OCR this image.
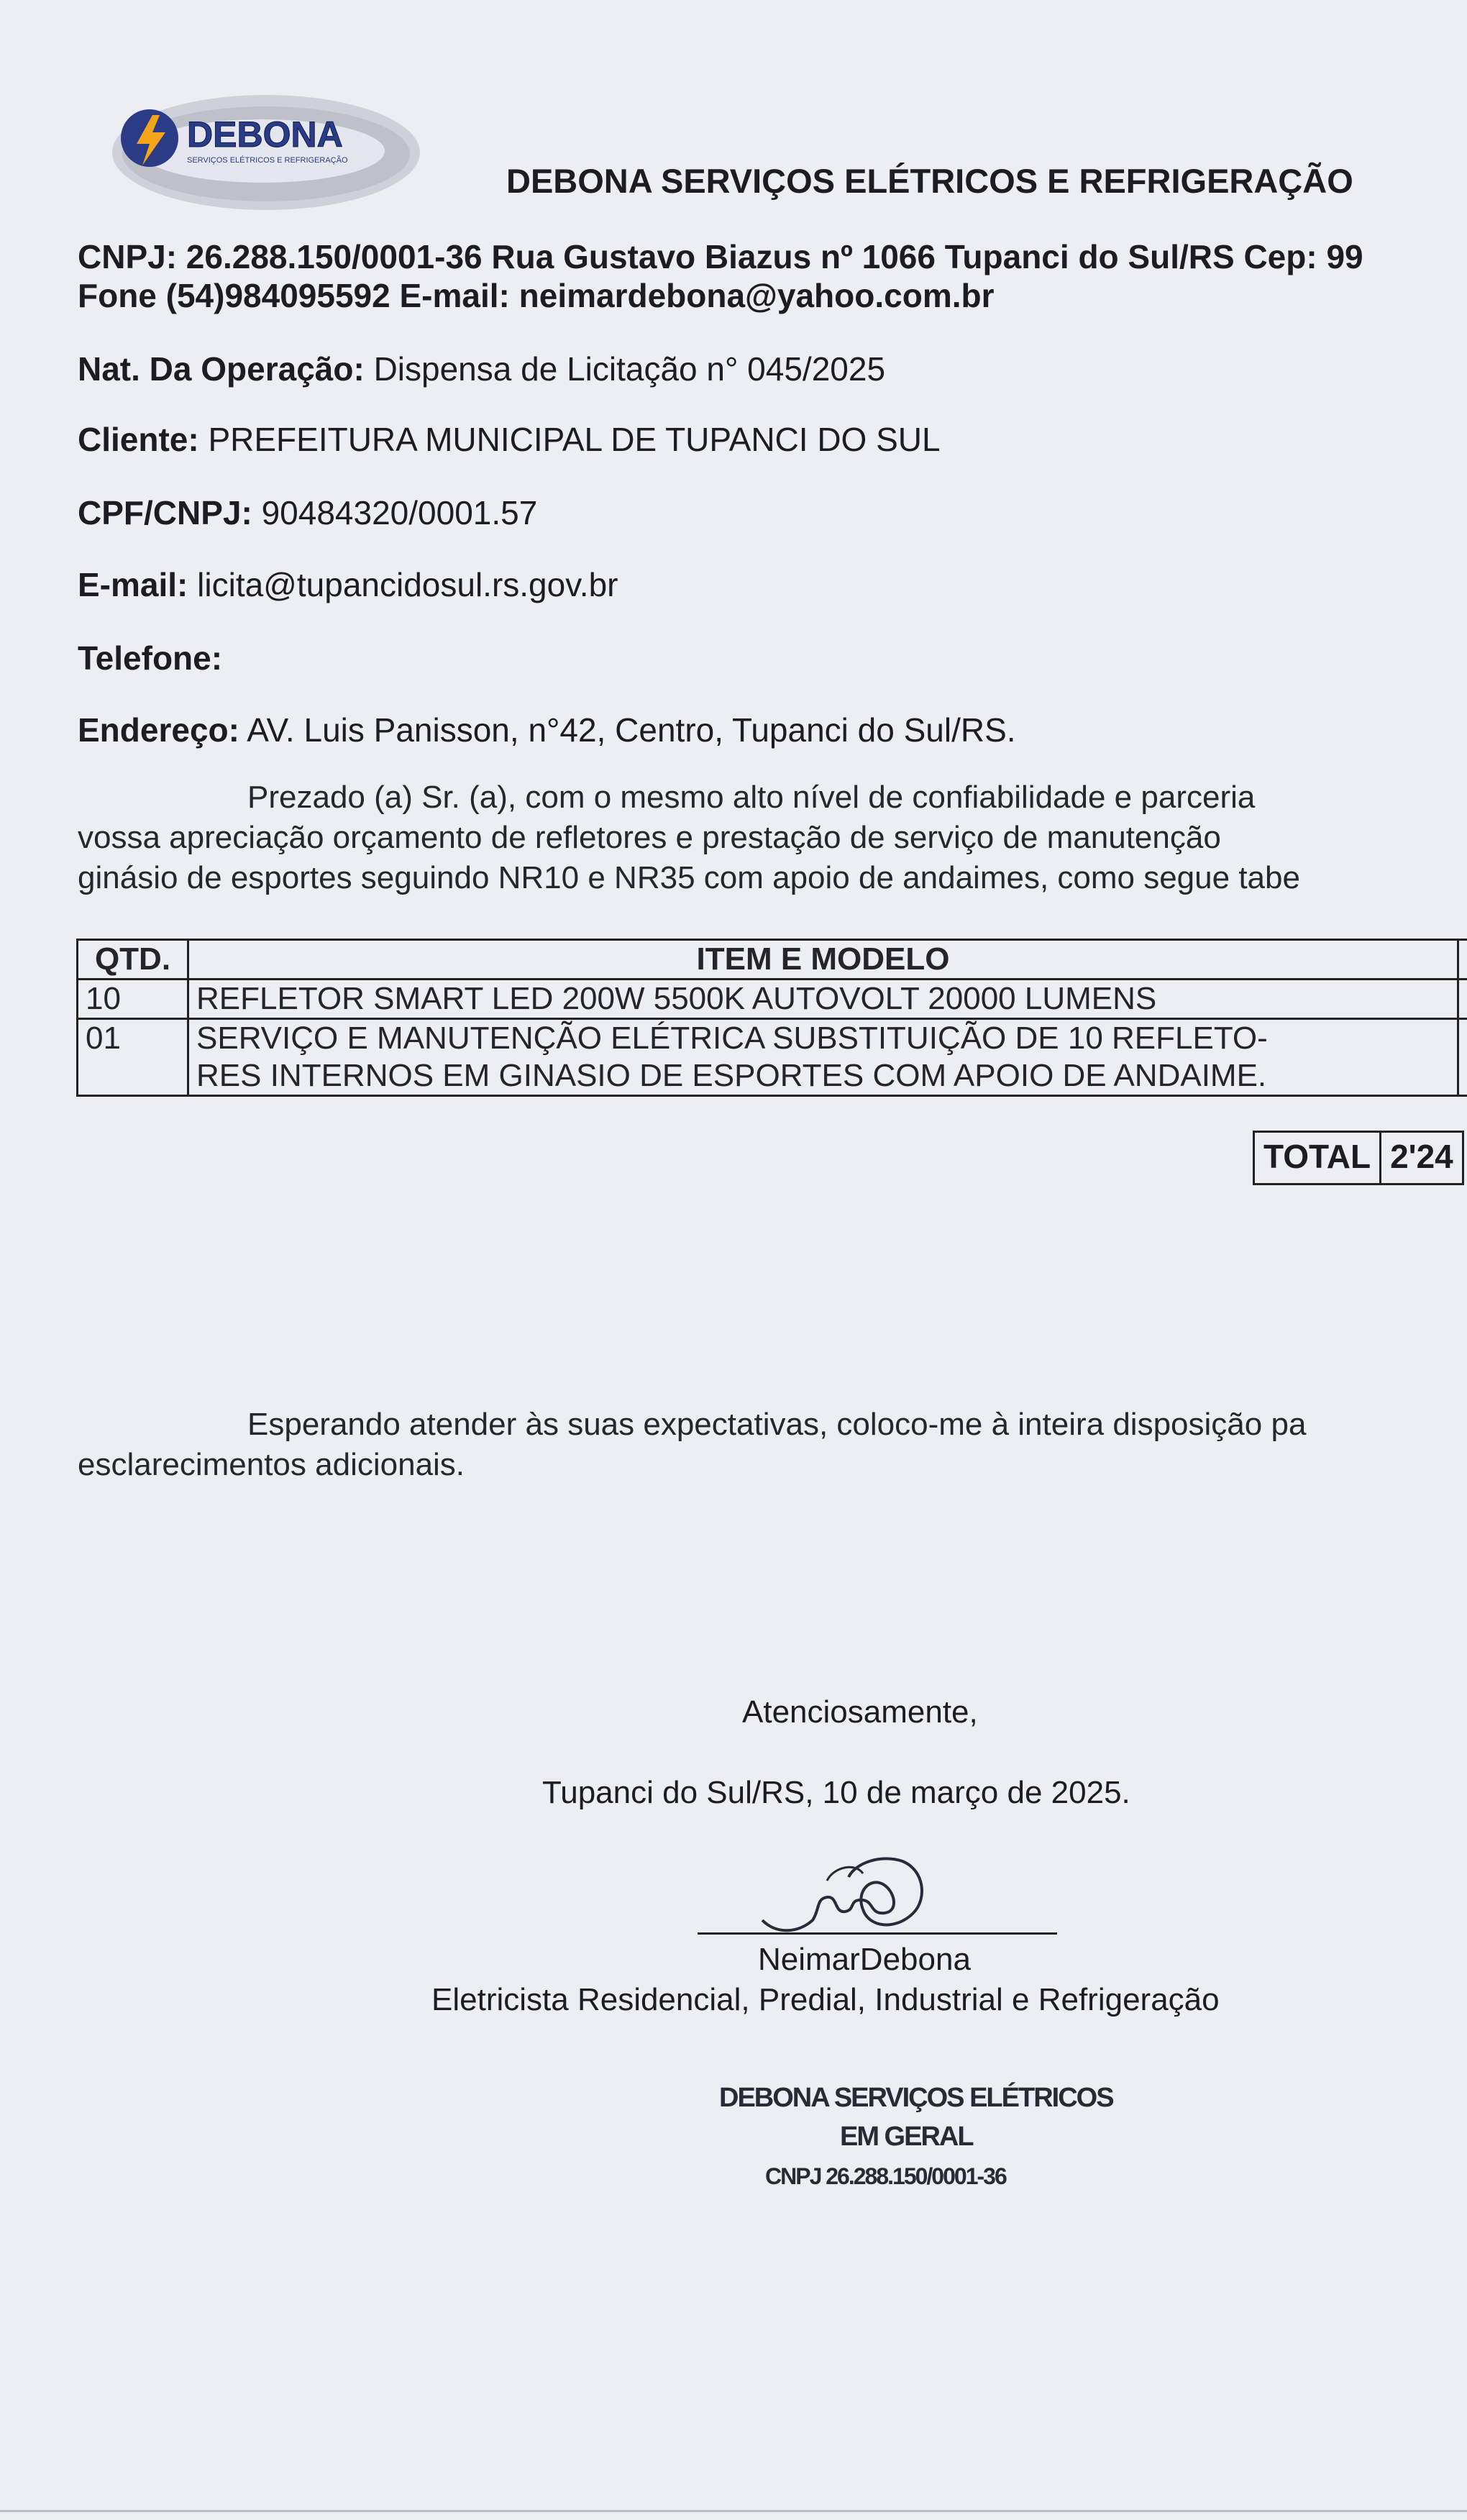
DEBONA
SERVIÇOS ELÉTRICOS E REFRIGERAÇÃO
DEBONA SERVIÇOS ELÉTRICOS E REFRIGERAÇÃO
CNPJ: 26.288.150/0001-36 Rua Gustavo Biazus nº 1066 Tupanci do Sul/RS Cep: 99
Fone (54)984095592 E-mail: neimardebona@yahoo.com.br
Nat. Da Operação: Dispensa de Licitação n° 045/2025
Cliente: PREFEITURA MUNICIPAL DE TUPANCI DO SUL
CPF/CNPJ: 90484320/0001.57
E-mail: licita@tupancidosul.rs.gov.br
Telefone:
Endereço: AV. Luis Panisson, n°42, Centro, Tupanci do Sul/RS.
Prezado (a) Sr. (a), com o mesmo alto nível de confiabilidade e parceria
vossa apreciação orçamento de refletores e prestação de serviço de manutenção
ginásio de esportes seguindo NR10 e NR35 com apoio de andaimes, como segue tabe
QTD.	ITEM E MODELO	
10	REFLETOR SMART LED 200W 5500K AUTOVOLT 20000 LUMENS	

01	SERVIÇO E MANUTENÇÃO ELÉTRICA SUBSTITUIÇÃO DE 10 REFLETO-
RES INTERNOS EM GINASIO DE ESPORTES COM APOIO DE ANDAIME.	

TOTAL 2'24
Esperando atender às suas expectativas, coloco-me à inteira disposição pa
esclarecimentos adicionais.
Atenciosamente,
Tupanci do Sul/RS, 10 de março de 2025.
NeimarDebona
Eletricista Residencial, Predial, Industrial e Refrigeração
DEBONA SERVIÇOS ELÉTRICOS
EM GERAL
CNPJ 26.288.150/0001-36
